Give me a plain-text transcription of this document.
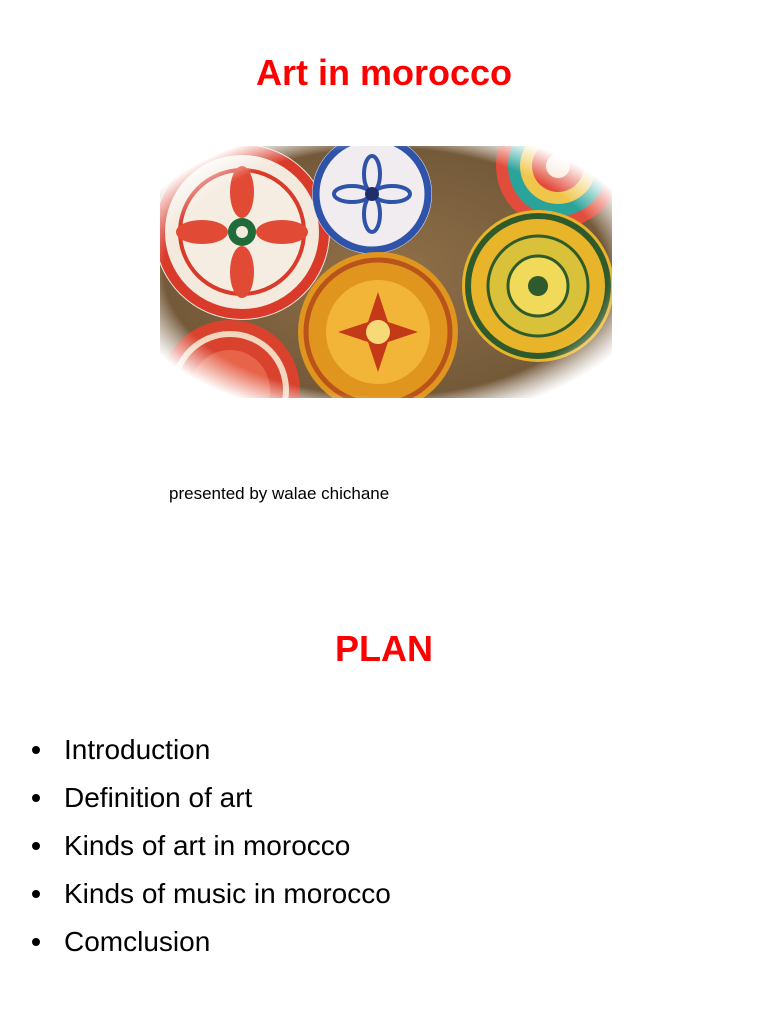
Art in morocco

presented by walae chichane

PLAN
Introduction
Definition of art
Kinds of art in morocco
Kinds of music in morocco
Comclusion
